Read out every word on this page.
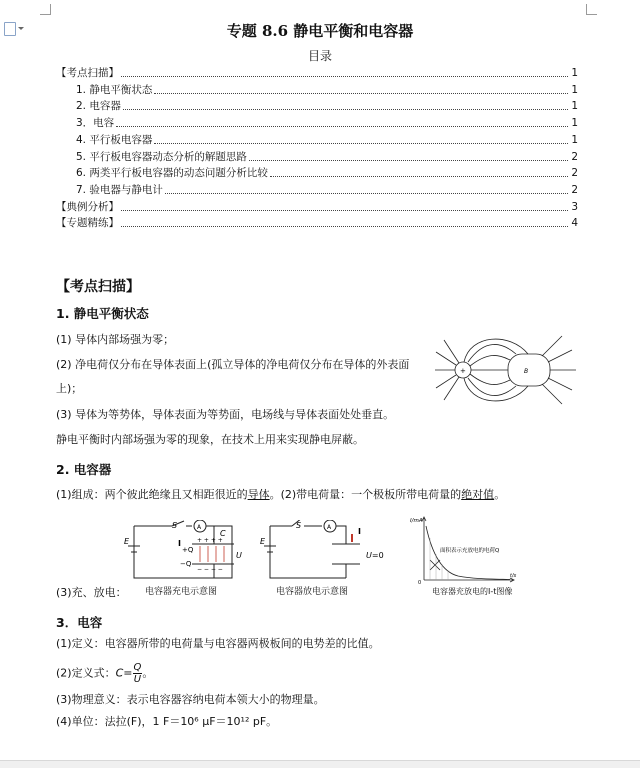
专题 8.6 静电平衡和电容器
目录
【考点扫描】	1
1. 静电平衡状态	1
2. 电容器	1
3．电容	1
4. 平行板电容器	1
5. 平行板电容器动态分析的解题思路	2
6. 两类平行板电容器的动态问题分析比较	2
7. 验电器与静电计	2
【典例分析】	3
【专题精练】	4
【考点扫描】
1. 静电平衡状态
(1) 导体内部场强为零；
(2) 净电荷仅分布在导体表面上(孤立导体的净电荷仅分布在导体的外表面
上)；
(3) 导体为等势体，导体表面为等势面，电场线与导体表面处处垂直。
静电平衡时内部场强为零的现象，在技术上用来实现静电屏蔽。
+	B
2. 电容器
(1)组成：两个彼此绝缘且又相距很近的导体。(2)带电荷量：一个极板所带电荷量的绝对值。
(3)充、放电：
E
S	A
C
I
+Q
−Q
U
+ + + +
− − − −
电容器充电示意图
E
S	A	I
U=0
电容器放电示意图
I/mA
面积表示充放电的电荷Q
0
t/s
电容器充放电的I-t图像
3．电容
(1)定义：电容器所带的电荷量与电容器两极板间的电势差的比值。
(2)定义式：$C= \frac{Q}{U}$ 。
(3)物理意义：表示电容器容纳电荷本领大小的物理量。
(4)单位：法拉(F)，1 F＝10⁶ μF＝10¹² pF。
